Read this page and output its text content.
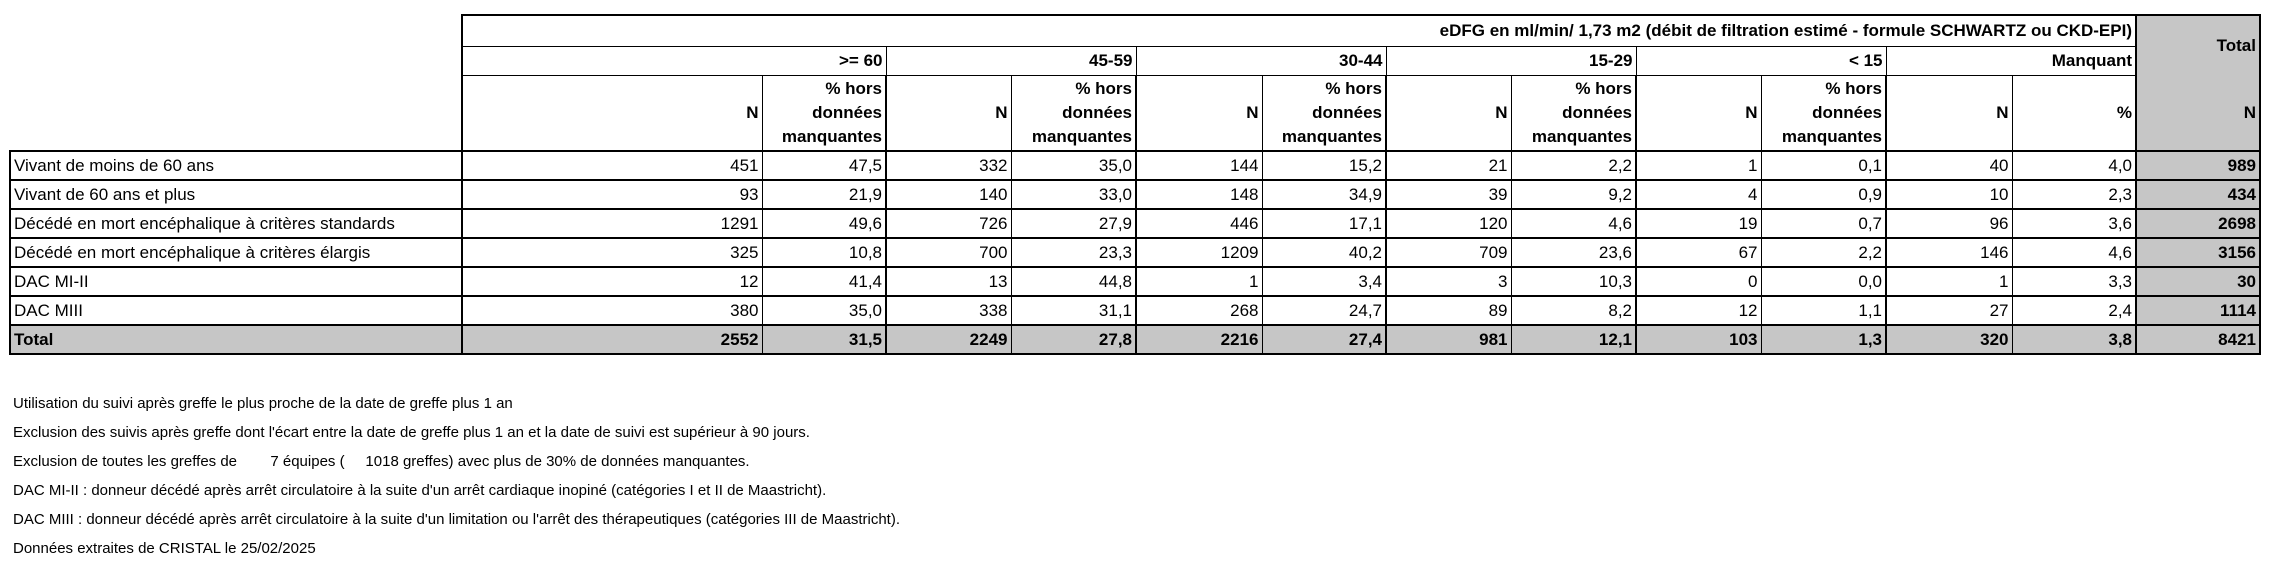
	eDFG en ml/min/ 1,73 m2 (débit de filtration estimé - formule SCHWARTZ ou CKD-EPI)												Total
	>= 60		45-59		30-44		15-29		< 15		Manquant		
	N	% hors données manquantes	N	% hors données manquantes	N	% hors données manquantes	N	% hors données manquantes	N	% hors données manquantes	N	%	N
Vivant de moins de 60 ans	451	47,5	332	35,0	144	15,2	21	2,2	1	0,1	40	4,0	989
Vivant de 60 ans et plus	93	21,9	140	33,0	148	34,9	39	9,2	4	0,9	10	2,3	434
Décédé en mort encéphalique à critères standards	1291	49,6	726	27,9	446	17,1	120	4,6	19	0,7	96	3,6	2698
Décédé en mort encéphalique à critères élargis	325	10,8	700	23,3	1209	40,2	709	23,6	67	2,2	146	4,6	3156
DAC MI-II	12	41,4	13	44,8	1	3,4	3	10,3	0	0,0	1	3,3	30
DAC MIII	380	35,0	338	31,1	268	24,7	89	8,2	12	1,1	27	2,4	1114
Total	2552	31,5	2249	27,8	2216	27,4	981	12,1	103	1,3	320	3,8	8421
Utilisation du suivi après greffe le plus proche de la date de greffe plus 1 an
Exclusion des suivis après greffe dont l'écart entre la date de greffe plus 1 an et la date de suivi est supérieur à 90 jours.
Exclusion de toutes les greffes de        7 équipes (     1018 greffes) avec plus de 30% de données manquantes.
DAC MI-II : donneur décédé après arrêt circulatoire à la suite d'un arrêt cardiaque inopiné (catégories I et II de Maastricht).
DAC MIII : donneur décédé après arrêt circulatoire à la suite d'un limitation ou l'arrêt des thérapeutiques (catégories III de Maastricht).
Données extraites de CRISTAL le 25/02/2025
